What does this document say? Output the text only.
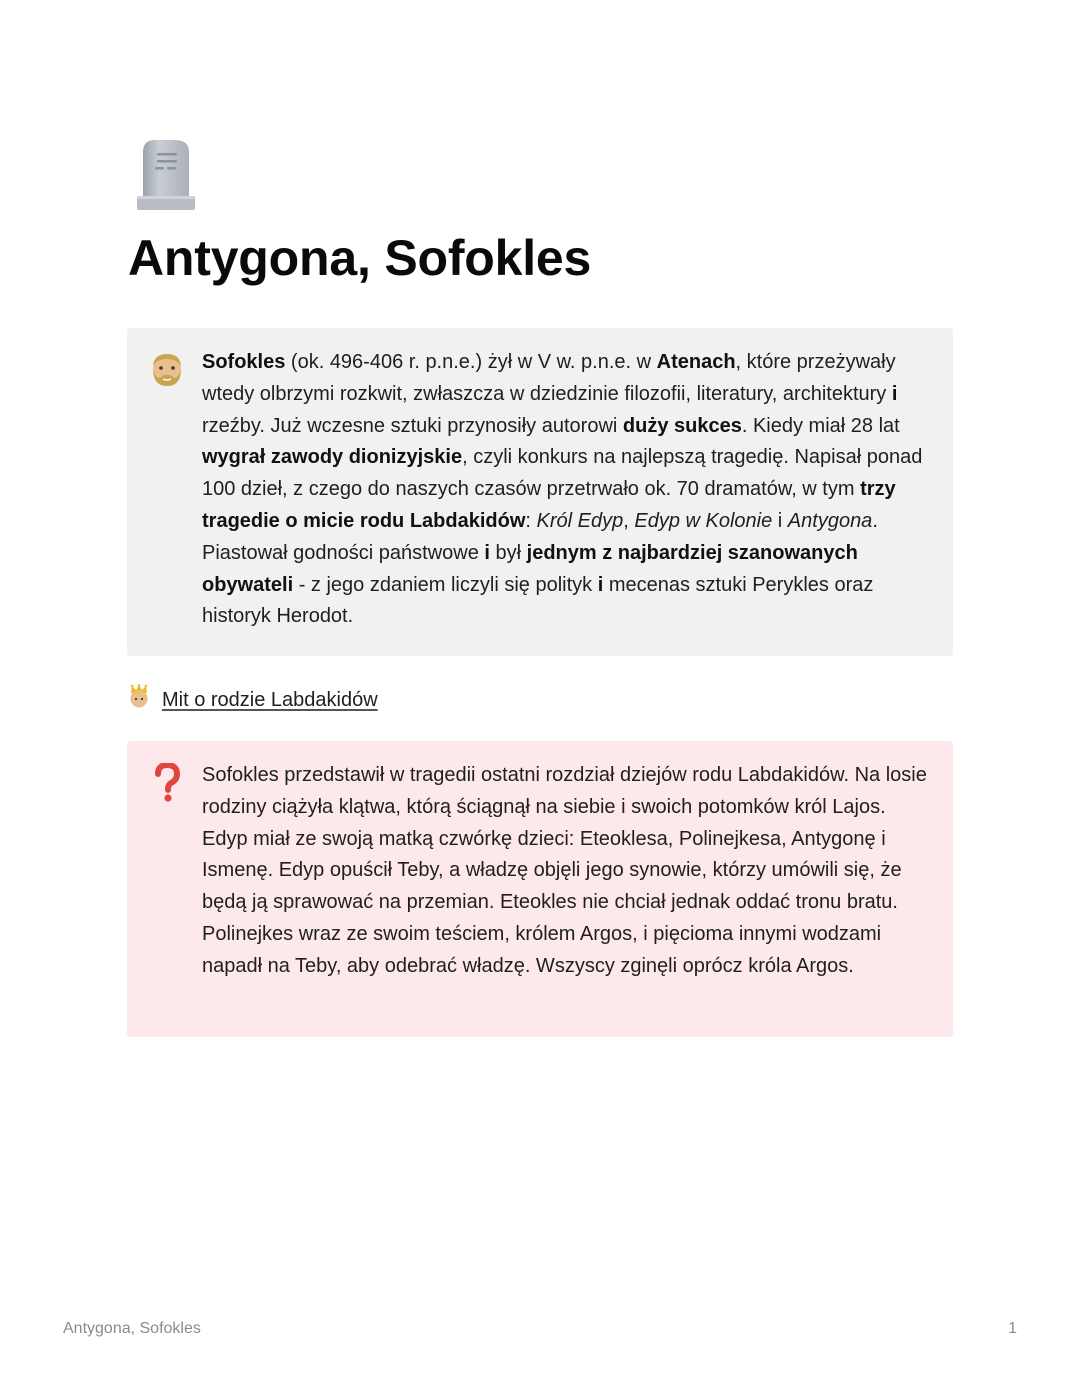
Antygona, Sofokles
Sofokles (ok. 496-406 r. p.n.e.) żył w V w. p.n.e. w Atenach, które przeżywały wtedy olbrzymi rozkwit, zwłaszcza w dziedzinie filozofii, literatury, architektury i rzeźby. Już wczesne sztuki przynosiły autorowi duży sukces. Kiedy miał 28 lat wygrał zawody dionizyjskie, czyli konkurs na najlepszą tragedię. Napisał ponad 100 dzieł, z czego do naszych czasów przetrwało ok. 70 dramatów, w tym trzy tragedie o micie rodu Labdakidów: Król Edyp, Edyp w Kolonie i Antygona. Piastował godności państwowe i był jednym z najbardziej szanowanych obywateli - z jego zdaniem liczyli się polityk i mecenas sztuki Perykles oraz historyk Herodot.
Mit o rodzie Labdakidów
Sofokles przedstawił w tragedii ostatni rozdział dziejów rodu Labdakidów. Na losie rodziny ciążyła klątwa, którą ściągnął na siebie i swoich potomków król Lajos. Edyp miał ze swoją matką czwórkę dzieci: Eteoklesa, Polinejkesa, Antygonę i Ismenę. Edyp opuścił Teby, a władzę objęli jego synowie, którzy umówili się, że będą ją sprawować na przemian. Eteokles nie chciał jednak oddać tronu bratu. Polinejkes wraz ze swoim teściem, królem Argos, i pięcioma innymi wodzami napadł na Teby, aby odebrać władzę. Wszyscy zginęli oprócz króla Argos.
Antygona, Sofokles	1
